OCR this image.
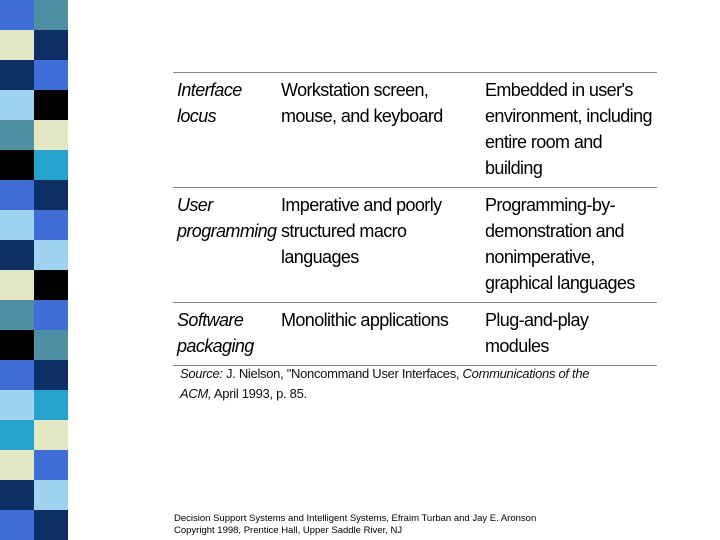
Interface locus	Workstation screen, mouse, and keyboard	Embedded in user's environment, including entire room and building
User programming	Imperative and poorly structured macro languages	Programming-by-demonstration and nonimperative, graphical languages
Software packaging	Monolithic applications	Plug-and-play modules
Source: J. Nielson, "Noncommand User Interfaces, Communications of the ACM, April 1993, p. 85.
Decision Support Systems and Intelligent Systems, Efraim Turban and Jay E. Aronson
Copyright 1998, Prentice Hall, Upper Saddle River, NJ
